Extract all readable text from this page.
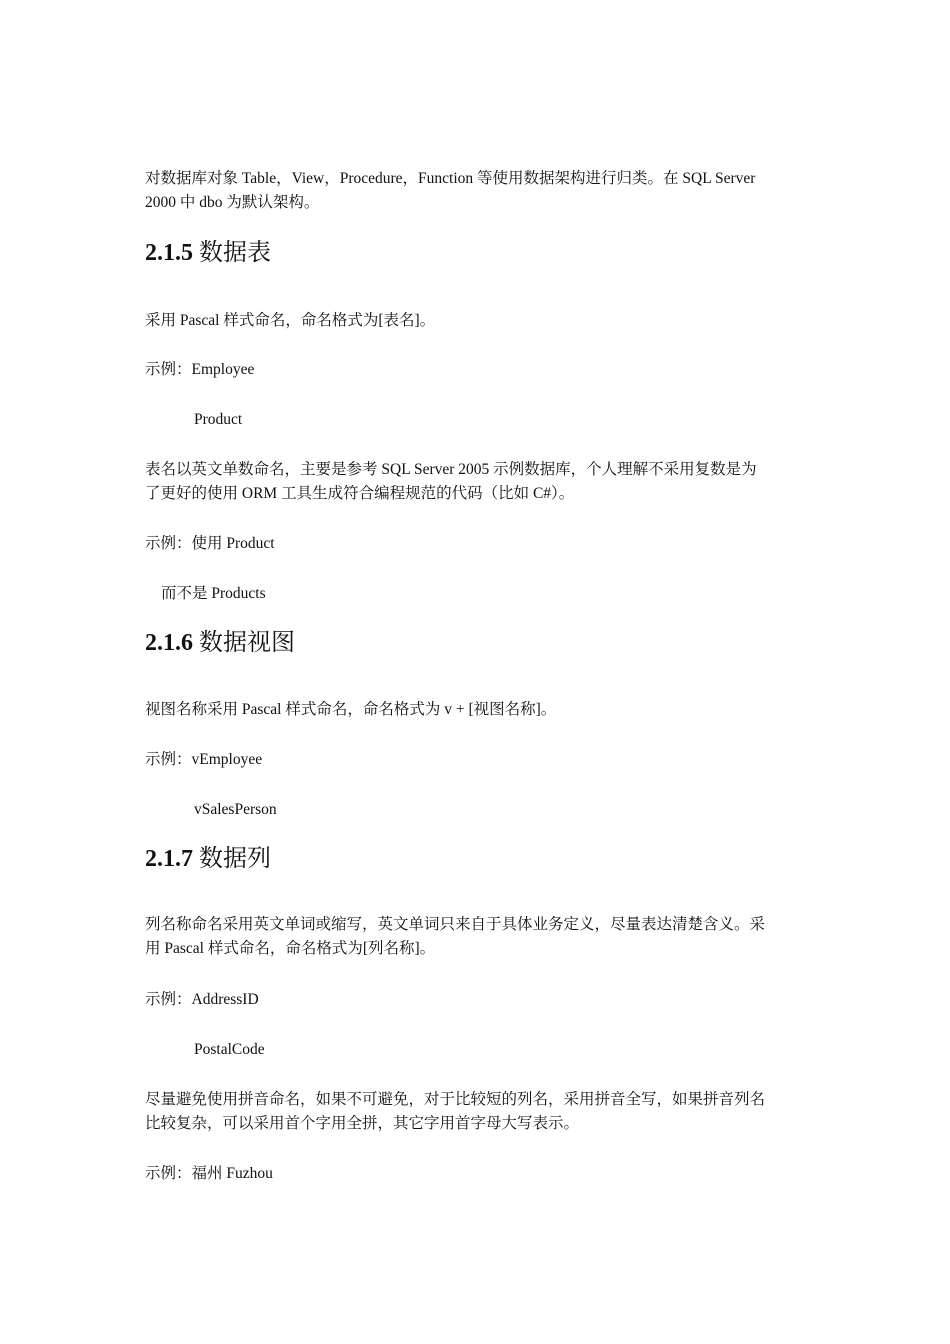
对数据库对象 Table，View，Procedure，Function 等使用数据架构进行归类。在 SQL Server

2000 中 dbo 为默认架构。

2.1.5 数据表

采用 Pascal 样式命名，命名格式为[表名]。

示例：Employee

Product

表名以英文单数命名，主要是参考 SQL Server 2005 示例数据库，个人理解不采用复数是为

了更好的使用 ORM 工具生成符合编程规范的代码（比如 C#）。

示例：使用 Product

而不是 Products

2.1.6 数据视图

视图名称采用 Pascal 样式命名，命名格式为 v + [视图名称]。

示例：vEmployee

vSalesPerson

2.1.7 数据列

列名称命名采用英文单词或缩写，英文单词只来自于具体业务定义，尽量表达清楚含义。采

用 Pascal 样式命名，命名格式为[列名称]。

示例：AddressID

PostalCode

尽量避免使用拼音命名，如果不可避免，对于比较短的列名，采用拼音全写，如果拼音列名

比较复杂，可以采用首个字用全拼，其它字用首字母大写表示。

示例：福州 Fuzhou
